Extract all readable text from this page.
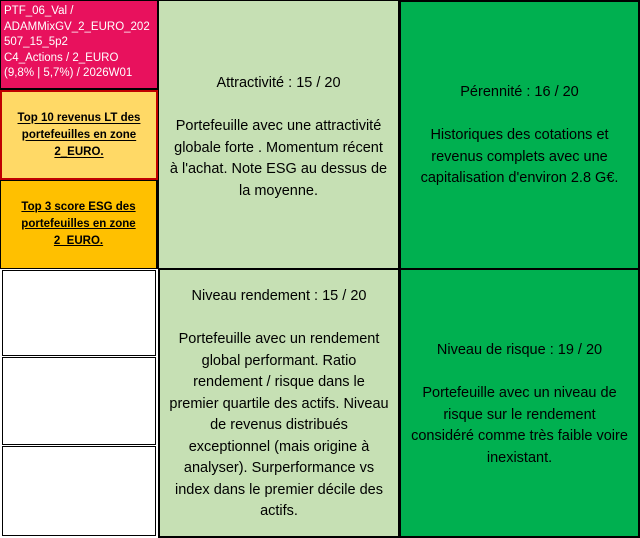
PTF_06_Val /
ADAMMixGV_2_EURO_202
507_15_5p2
C4_Actions / 2_EURO
(9,8% | 5,7%) / 2026W01
Top 10 revenus LT des portefeuilles en zone 2_EURO.
Top 3 score ESG des portefeuilles en zone 2_EURO.
Attractivité : 15 / 20
Portefeuille avec une attractivité globale forte . Momentum récent à l'achat. Note ESG au dessus de la moyenne.
Niveau rendement : 15 / 20
Portefeuille avec un rendement global performant. Ratio rendement / risque dans le premier quartile des actifs. Niveau de revenus distribués exceptionnel (mais origine à analyser). Surperformance vs index dans le premier décile des actifs.
Pérennité : 16 / 20
Historiques des cotations et revenus complets avec une capitalisation d'environ 2.8 G€.
Niveau de risque : 19 / 20
Portefeuille avec un niveau de risque sur le rendement considéré comme très faible voire inexistant.
